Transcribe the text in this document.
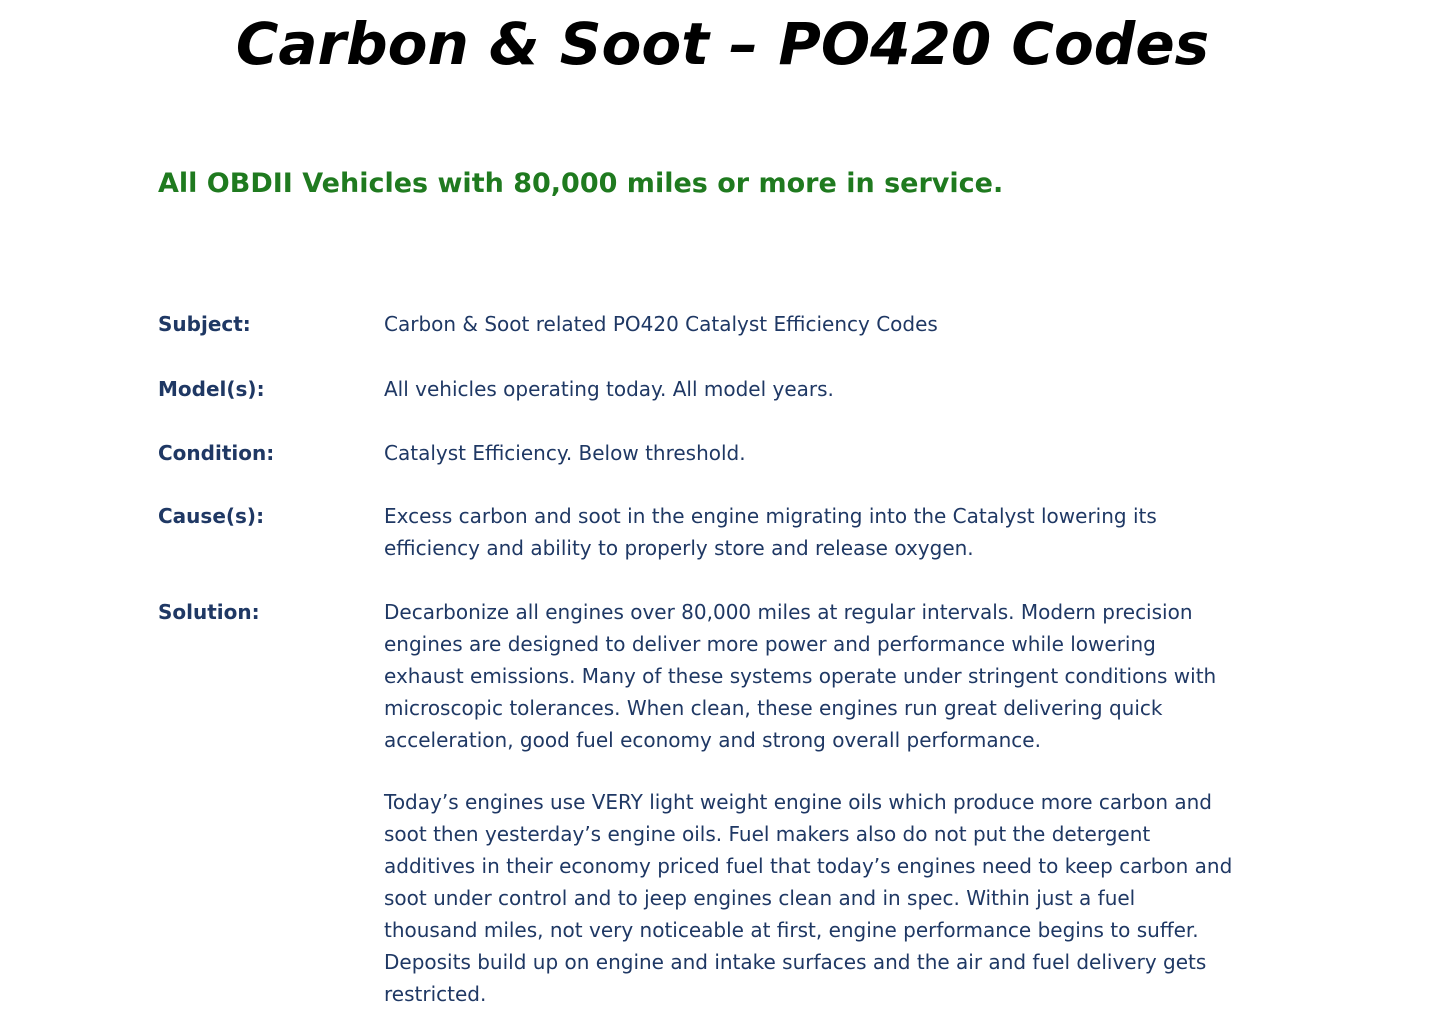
Carbon & Soot – PO420 Codes
All OBDII Vehicles with 80,000 miles or more in service.
Subject:	Carbon & Soot related PO420 Catalyst Efficiency Codes

Model(s):	All vehicles operating today. All model years.

Condition:	Catalyst Efficiency. Below threshold.

Cause(s):	Excess carbon and soot in the engine migrating into the Catalyst lowering its

efficiency and ability to properly store and release oxygen.

Solution:	Decarbonize all engines over 80,000 miles at regular intervals. Modern precision

engines are designed to deliver more power and performance while lowering

exhaust emissions. Many of these systems operate under stringent conditions with

microscopic tolerances. When clean, these engines run great delivering quick

acceleration, good fuel economy and strong overall performance.

Today’s engines use VERY light weight engine oils which produce more carbon and

soot then yesterday’s engine oils. Fuel makers also do not put the detergent

additives in their economy priced fuel that today’s engines need to keep carbon and

soot under control and to jeep engines clean and in spec. Within just a fuel

thousand miles, not very noticeable at first, engine performance begins to suffer.

Deposits build up on engine and intake surfaces and the air and fuel delivery gets

restricted.
